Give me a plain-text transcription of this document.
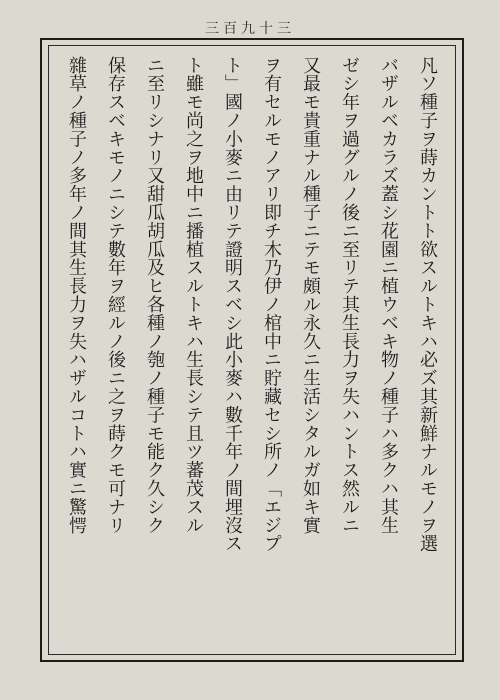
三百九十三
凡ソ種子ヲ蒔カントト欲スルトキハ必ズ其新鮮ナルモノヲ選
バザルベカラズ蓋シ花園ニ植ウベキ物ノ種子ハ多クハ其生
ゼシ年ヲ過グルノ後ニ至リテ其生長力ヲ失ハントス然ルニ
又最モ貴重ナル種子ニテモ頗ル永久ニ生活シタルガ如キ實
ヲ有セルモノアリ即チ木乃伊ノ棺中ニ貯藏セシ所ノ「エジプ
ト」國ノ小麥ニ由リテ證明スベシ此小麥ハ數千年ノ間埋沒ス
ト雖モ尚之ヲ地中ニ播植スルトキハ生長シテ且ツ蕃茂スル
ニ至リシナリ又甜瓜胡瓜及ヒ各種ノ匏ノ種子モ能ク久シク
保存スベキモノニシテ數年ヲ經ルノ後ニ之ヲ蒔クモ可ナリ
雜草ノ種子ノ多年ノ間其生長力ヲ失ハザルコトハ實ニ驚愕
